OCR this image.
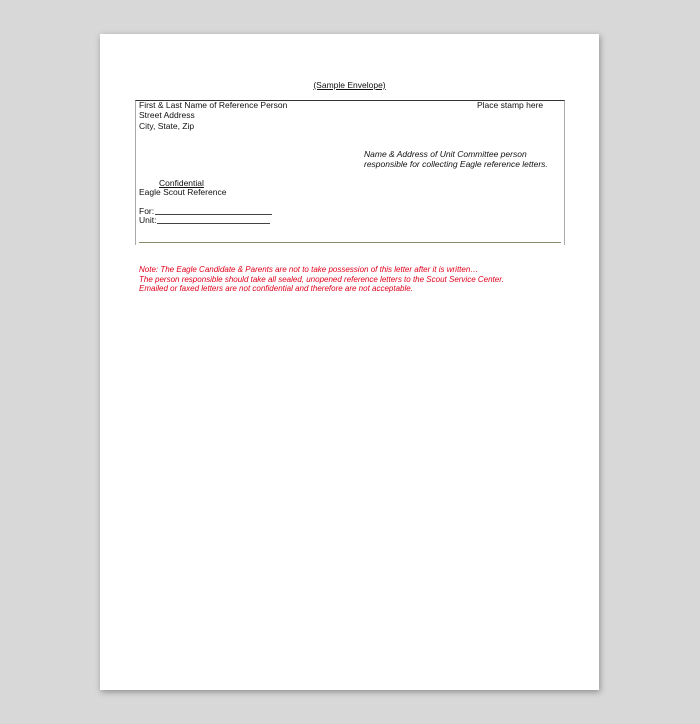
(Sample Envelope)
First & Last Name of Reference Person
Street Address
City, State, Zip
Place stamp here
Name & Address of Unit Committee person
responsible for collecting Eagle reference letters.
Confidential
Eagle Scout Reference
For:
Unit:
Note: The Eagle Candidate & Parents are not to take possession of this letter after it is written…
The person responsible should take all sealed, unopened reference letters to the Scout Service Center.
Emailed or faxed letters are not confidential and therefore are not acceptable.
